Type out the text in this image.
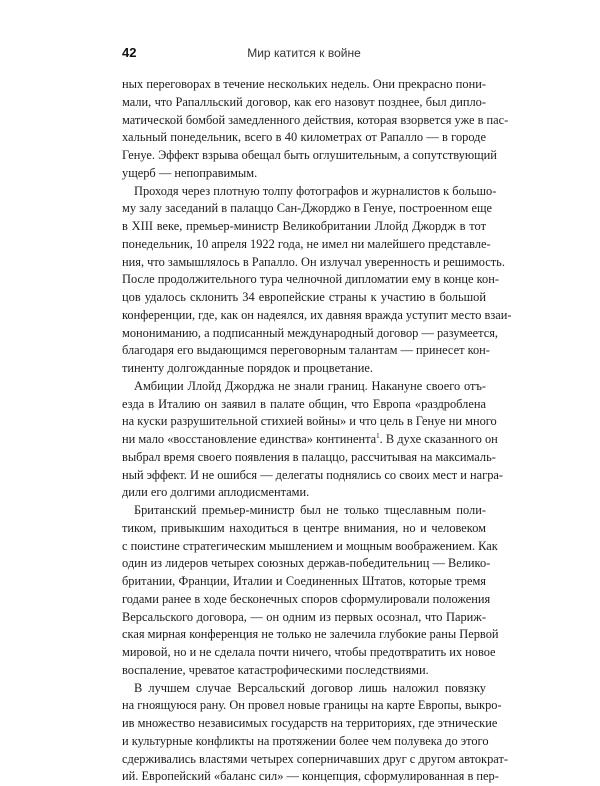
42	Мир катится к войне

ных переговорах в течение нескольких недель. Они прекрасно пони-
мали, что Рапалльский договор, как его назовут позднее, был дипло-
матической бомбой замедленного действия, которая взорвется уже в пас-
хальный понедельник, всего в 40 километрах от Рапалло — в городе
Генуе. Эффект взрыва обещал быть оглушительным, а сопутствующий
ущерб — непоправимым.

Проходя через плотную толпу фотографов и журналистов к большо-
му залу заседаний в палаццо Сан-Джорджо в Генуе, построенном еще
в XIII веке, премьер-министр Великобритании Ллойд Джордж в тот
понедельник, 10 апреля 1922 года, не имел ни малейшего представле-
ния, что замышлялось в Рапалло. Он излучал уверенность и решимость.
После продолжительного тура челночной дипломатии ему в конце кон-
цов удалось склонить 34 европейские страны к участию в большой
конференции, где, как он надеялся, их давняя вражда уступит место взаи-
монониманию, а подписанный международный договор — разумеется,
благодаря его выдающимся переговорным талантам — принесет кон-
тиненту долгожданные порядок и процветание.

Амбиции Ллойд Джорджа не знали границ. Накануне своего отъ-
езда в Италию он заявил в палате общин, что Европа «раздроблена
на куски разрушительной стихией войны» и что цель в Генуе ни много
ни мало «восстановление единства» континента$^1$. В духе сказанного он
выбрал время своего появления в палаццо, рассчитывая на максималь-
ный эффект. И не ошибся — делегаты поднялись со своих мест и награ-
дили его долгими аплодисментами.

Британский премьер-министр был не только тщеславным поли-
тиком, привыкшим находиться в центре внимания, но и человеком
с поистине стратегическим мышлением и мощным воображением. Как
один из лидеров четырех союзных держав-победительниц — Велико-
британии, Франции, Италии и Соединенных Штатов, которые тремя
годами ранее в ходе бесконечных споров сформулировали положения
Версальского договора, — он одним из первых осознал, что Париж-
ская мирная конференция не только не залечила глубокие раны Первой
мировой, но и не сделала почти ничего, чтобы предотвратить их новое
воспаление, чреватое катастрофическими последствиями.

В лучшем случае Версальский договор лишь наложил повязку
на гноящуюся рану. Он провел новые границы на карте Европы, выкро-
ив множество независимых государств на территориях, где этнические
и культурные конфликты на протяжении более чем полувека до этого
сдерживались властями четырех соперничавших друг с другом автократ-
ий. Европейский «баланс сил» — концепция, сформулированная в пер-
